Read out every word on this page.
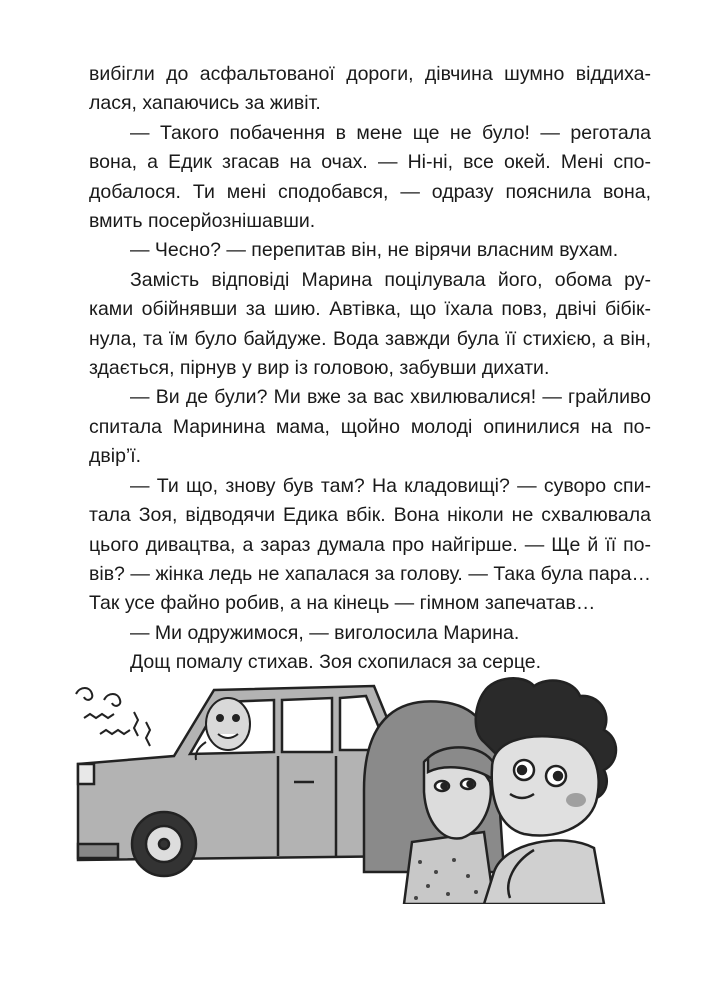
вибігли до асфальтованої дороги, дівчина шумно віддиха-лася, хапаючись за живіт.

— Такого побачення в мене ще не було! — реготала вона, а Едик згасав на очах. — Ні-ні, все окей. Мені спо-добалося. Ти мені сподобався, — одразу пояснила вона, вмить посерйознішавши.

— Чесно? — перепитав він, не вірячи власним вухам.

Замість відповіді Марина поцілувала його, обома ру-ками обійнявши за шию. Автівка, що їхала повз, двічі бібік-нула, та їм було байдуже. Вода завжди була її стихією, а він, здається, пірнув у вир із головою, забувши дихати.

— Ви де були? Ми вже за вас хвилювалися! — грайливо спитала Маринина мама, щойно молоді опинилися на по-двір’ї.

— Ти що, знову був там? На кладовищі? — суворо спи-тала Зоя, відводячи Едика вбік. Вона ніколи не схвалювала цього дивацтва, а зараз думала про найгірше. — Ще й її по-вів? — жінка ледь не хапалася за голову. — Така була пара… Так усе файно робив, а на кінець — гімном запечатав…

— Ми одружимося, — виголосила Марина.

Дощ помалу стихав. Зоя схопилася за серце.
